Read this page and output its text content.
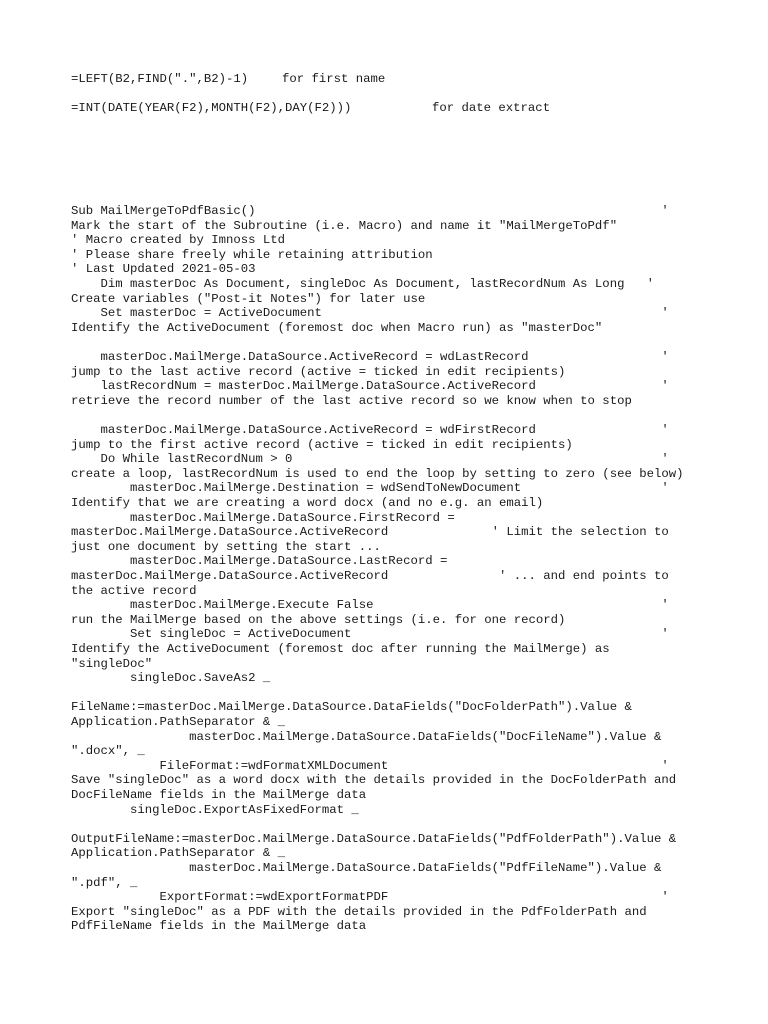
=LEFT(B2,FIND(".",B2)-1)	for first name
=INT(DATE(YEAR(F2),MONTH(F2),DAY(F2)))	for date extract
Sub MailMergeToPdfBasic()                                                       '
Mark the start of the Subroutine (i.e. Macro) and name it "MailMergeToPdf"
' Macro created by Imnoss Ltd
' Please share freely while retaining attribution
' Last Updated 2021-05-03
Dim masterDoc As Document, singleDoc As Document, lastRecordNum As Long   '
Create variables ("Post-it Notes") for later use
Set masterDoc = ActiveDocument                                              '
Identify the ActiveDocument (foremost doc when Macro run) as "masterDoc"
masterDoc.MailMerge.DataSource.ActiveRecord = wdLastRecord                  '
jump to the last active record (active = ticked in edit recipients)
lastRecordNum = masterDoc.MailMerge.DataSource.ActiveRecord                 '
retrieve the record number of the last active record so we know when to stop
masterDoc.MailMerge.DataSource.ActiveRecord = wdFirstRecord                 '
jump to the first active record (active = ticked in edit recipients)
Do While lastRecordNum > 0                                                  '
create a loop, lastRecordNum is used to end the loop by setting to zero (see below)
masterDoc.MailMerge.Destination = wdSendToNewDocument                   '
Identify that we are creating a word docx (and no e.g. an email)
masterDoc.MailMerge.DataSource.FirstRecord =
masterDoc.MailMerge.DataSource.ActiveRecord              ' Limit the selection to
just one document by setting the start ...
masterDoc.MailMerge.DataSource.LastRecord =
masterDoc.MailMerge.DataSource.ActiveRecord               ' ... and end points to
the active record
masterDoc.MailMerge.Execute False                                       '
run the MailMerge based on the above settings (i.e. for one record)
Set singleDoc = ActiveDocument                                          '
Identify the ActiveDocument (foremost doc after running the MailMerge) as
"singleDoc"
singleDoc.SaveAs2 _
FileName:=masterDoc.MailMerge.DataSource.DataFields("DocFolderPath").Value &
Application.PathSeparator & _
masterDoc.MailMerge.DataSource.DataFields("DocFileName").Value &
".docx", _
FileFormat:=wdFormatXMLDocument                                     '
Save "singleDoc" as a word docx with the details provided in the DocFolderPath and
DocFileName fields in the MailMerge data
singleDoc.ExportAsFixedFormat _
OutputFileName:=masterDoc.MailMerge.DataSource.DataFields("PdfFolderPath").Value &
Application.PathSeparator & _
masterDoc.MailMerge.DataSource.DataFields("PdfFileName").Value &
".pdf", _
ExportFormat:=wdExportFormatPDF                                     '
Export "singleDoc" as a PDF with the details provided in the PdfFolderPath and
PdfFileName fields in the MailMerge data
